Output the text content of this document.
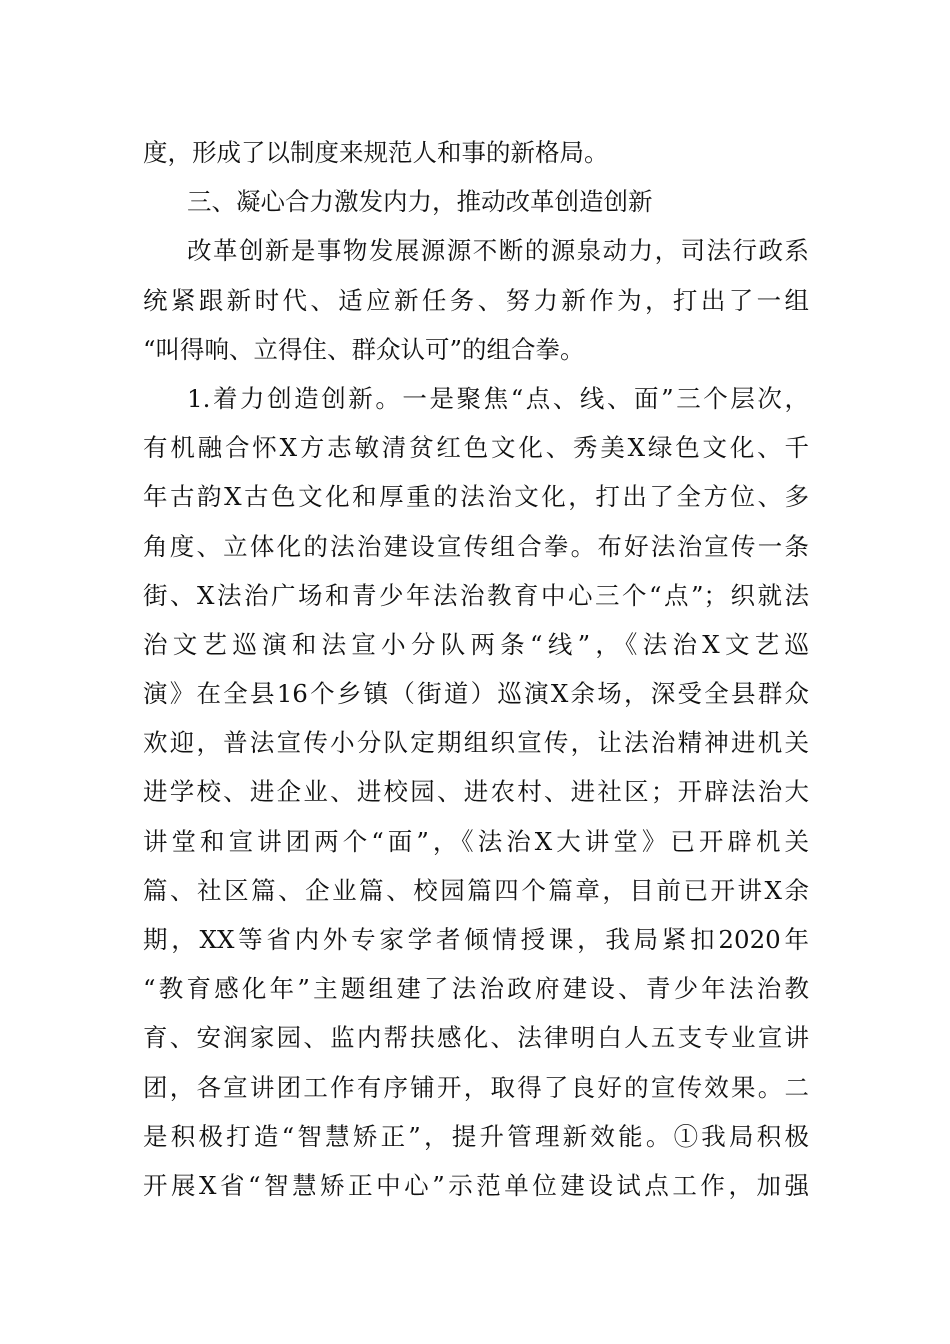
度，形成了以制度来规范人和事的新格局。
三、凝心合力激发内力，推动改革创造创新
改革创新是事物发展源源不断的源泉动力，司法行政系
统紧跟新时代、适应新任务、努力新作为，打出了一组
“叫得响、立得住、群众认可”的组合拳。
1.着力创造创新。一是聚焦“点、线、面”三个层次，
有机融合怀X方志敏清贫红色文化、秀美X绿色文化、千
年古韵X古色文化和厚重的法治文化，打出了全方位、多
角度、立体化的法治建设宣传组合拳。布好法治宣传一条
街、X法治广场和青少年法治教育中心三个“点”；织就法
治文艺巡演和法宣小分队两条“线”，《法治X文艺巡
演》在全县16个乡镇（街道）巡演X余场，深受全县群众
欢迎，普法宣传小分队定期组织宣传，让法治精神进机关
进学校、进企业、进校园、进农村、进社区；开辟法治大
讲堂和宣讲团两个“面”，《法治X大讲堂》已开辟机关
篇、社区篇、企业篇、校园篇四个篇章，目前已开讲X余
期，XX等省内外专家学者倾情授课，我局紧扣2020年
“教育感化年”主题组建了法治政府建设、青少年法治教
育、安润家园、监内帮扶感化、法律明白人五支专业宣讲
团，各宣讲团工作有序铺开，取得了良好的宣传效果。二
是积极打造“智慧矫正”，提升管理新效能。①我局积极
开展X省“智慧矫正中心”示范单位建设试点工作，加强
